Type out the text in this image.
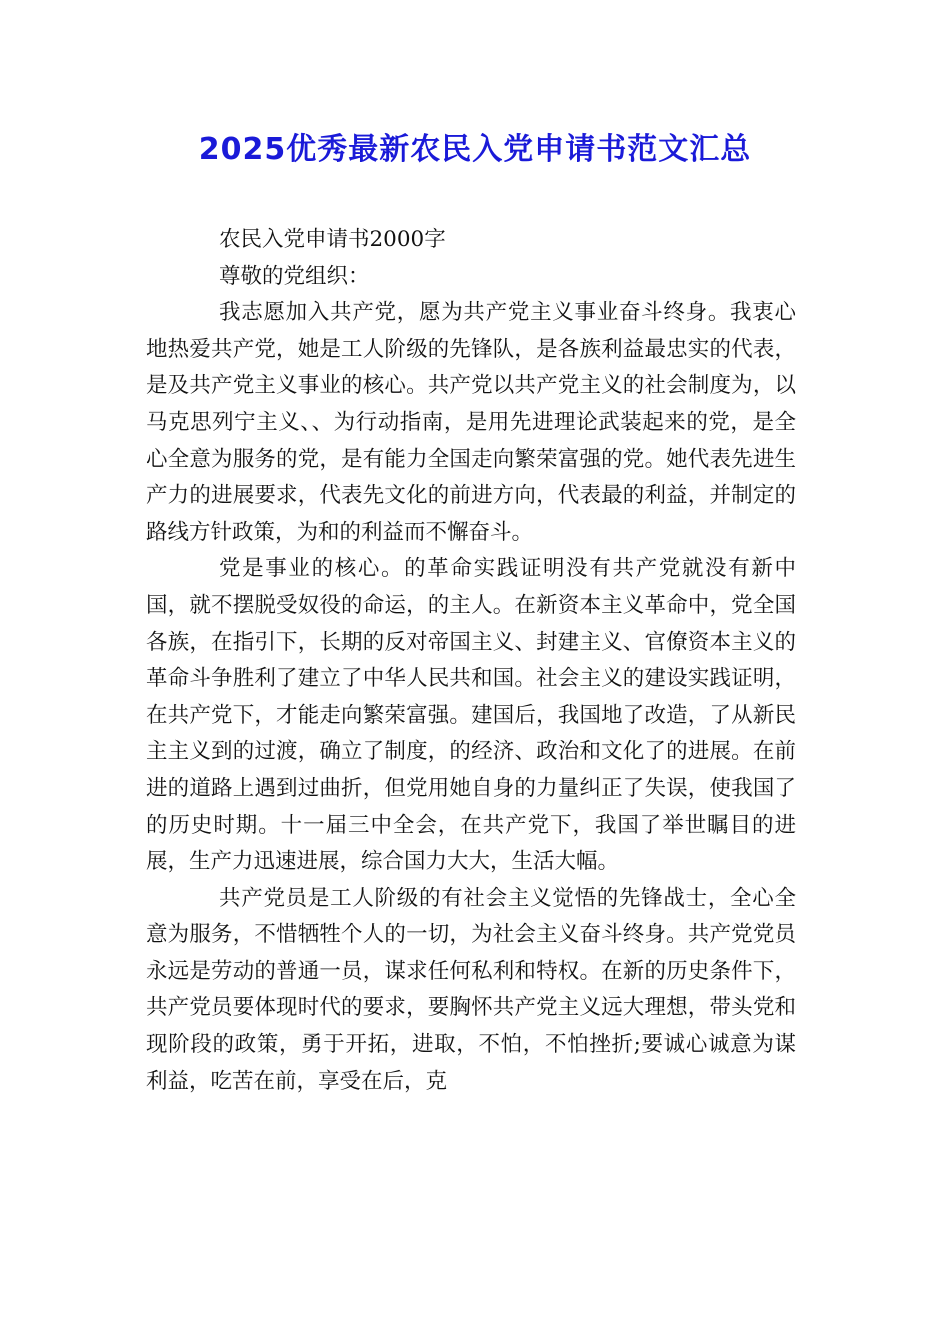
2025优秀最新农民入党申请书范文汇总

农民入党申请书2000字

尊敬的党组织：

我志愿加入共产党，愿为共产党主义事业奋斗终身。我衷心地热爱共产党，她是工人阶级的先锋队，是各族利益最忠实的代表，是及共产党主义事业的核心。共产党以共产党主义的社会制度为，以马克思列宁主义、、为行动指南，是用先进理论武装起来的党，是全心全意为服务的党，是有能力全国走向繁荣富强的党。她代表先进生产力的进展要求，代表先文化的前进方向，代表最的利益，并制定的路线方针政策，为和的利益而不懈奋斗。

党是事业的核心。的革命实践证明没有共产党就没有新中国，就不摆脱受奴役的命运，的主人。在新资本主义革命中，党全国各族，在指引下，长期的反对帝国主义、封建主义、官僚资本主义的革命斗争胜利了建立了中华人民共和国。社会主义的建设实践证明，在共产党下，才能走向繁荣富强。建国后，我国地了改造，了从新民主主义到的过渡，确立了制度，的经济、政治和文化了的进展。在前进的道路上遇到过曲折，但党用她自身的力量纠正了失误，使我国了的历史时期。十一届三中全会，在共产党下，我国了举世瞩目的进展，生产力迅速进展，综合国力大大，生活大幅。

共产党员是工人阶级的有社会主义觉悟的先锋战士，全心全意为服务，不惜牺牲个人的一切，为社会主义奋斗终身。共产党党员永远是劳动的普通一员，谋求任何私利和特权。在新的历史条件下，共产党员要体现时代的要求，要胸怀共产党主义远大理想，带头党和现阶段的政策，勇于开拓，进取，不怕，不怕挫折;要诚心诚意为谋利益，吃苦在前，享受在后，克
